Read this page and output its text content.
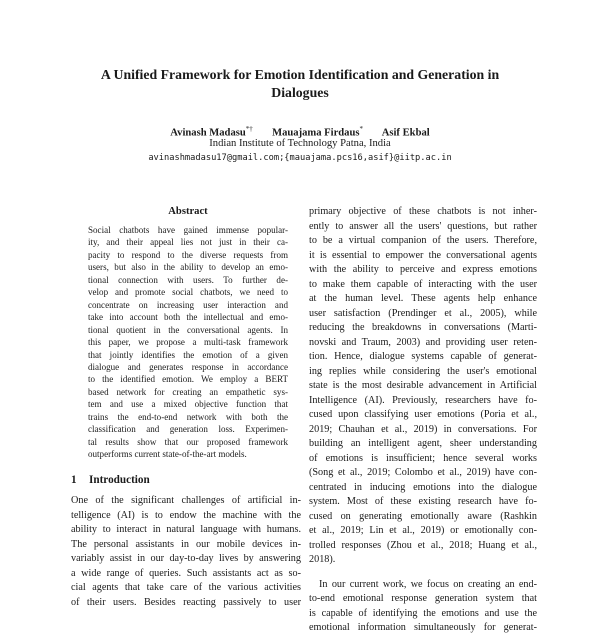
A Unified Framework for Emotion Identification and Generation in
Dialogues
Avinash Madasu*† Mauajama Firdaus* Asif Ekbal
Indian Institute of Technology Patna, India
avinashmadasu17@gmail.com;{mauajama.pcs16,asif}@iitp.ac.in
Abstract
Social chatbots have gained immense popular-
ity, and their appeal lies not just in their ca-
pacity to respond to the diverse requests from
users, but also in the ability to develop an emo-
tional connection with users. To further de-
velop and promote social chatbots, we need to
concentrate on increasing user interaction and
take into account both the intellectual and emo-
tional quotient in the conversational agents. In
this paper, we propose a multi-task framework
that jointly identifies the emotion of a given
dialogue and generates response in accordance
to the identified emotion. We employ a BERT
based network for creating an empathetic sys-
tem and use a mixed objective function that
trains the end-to-end network with both the
classification and generation loss. Experimen-
tal results show that our proposed framework
outperforms current state-of-the-art models.
1 Introduction
One of the significant challenges of artificial in-
telligence (AI) is to endow the machine with the
ability to interact in natural language with humans.
The personal assistants in our mobile devices in-
variably assist in our day-to-day lives by answering
a wide range of queries. Such assistants act as so-
cial agents that take care of the various activities
of their users. Besides reacting passively to user
primary objective of these chatbots is not inher-
ently to answer all the users' questions, but rather
to be a virtual companion of the users. Therefore,
it is essential to empower the conversational agents
with the ability to perceive and express emotions
to make them capable of interacting with the user
at the human level. These agents help enhance
user satisfaction (Prendinger et al., 2005), while
reducing the breakdowns in conversations (Marti-
novski and Traum, 2003) and providing user reten-
tion. Hence, dialogue systems capable of generat-
ing replies while considering the user's emotional
state is the most desirable advancement in Artificial
Intelligence (AI). Previously, researchers have fo-
cused upon classifying user emotions (Poria et al.,
2019; Chauhan et al., 2019) in conversations. For
building an intelligent agent, sheer understanding
of emotions is insufficient; hence several works
(Song et al., 2019; Colombo et al., 2019) have con-
centrated in inducing emotions into the dialogue
system. Most of these existing research have fo-
cused on generating emotionally aware (Rashkin
et al., 2019; Lin et al., 2019) or emotionally con-
trolled responses (Zhou et al., 2018; Huang et al.,
2018).
In our current work, we focus on creating an end-
to-end emotional response generation system that
is capable of identifying the emotions and use the
emotional information simultaneously for generat-
